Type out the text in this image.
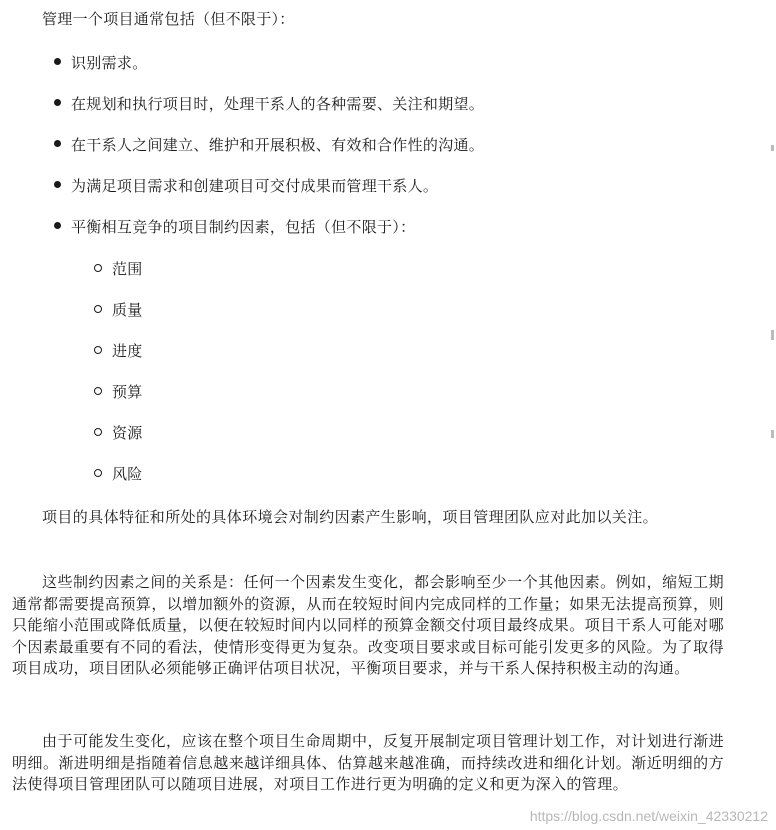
管理一个项目通常包括（但不限于）：
识别需求。
在规划和执行项目时，处理干系人的各种需要、关注和期望。
在干系人之间建立、维护和开展积极、有效和合作性的沟通。
为满足项目需求和创建项目可交付成果而管理干系人。
平衡相互竞争的项目制约因素，包括（但不限于）：
范围
质量
进度
预算
资源
风险

项目的具体特征和所处的具体环境会对制约因素产生影响，项目管理团队应对此加以关注。

这些制约因素之间的关系是：任何一个因素发生变化，都会影响至少一个其他因素。例如，缩短工期通常都需要提高预算，以增加额外的资源，从而在较短时间内完成同样的工作量；如果无法提高预算，则只能缩小范围或降低质量，以便在较短时间内以同样的预算金额交付项目最终成果。项目干系人可能对哪个因素最重要有不同的看法，使情形变得更为复杂。改变项目要求或目标可能引发更多的风险。为了取得项目成功，项目团队必须能够正确评估项目状况，平衡项目要求，并与干系人保持积极主动的沟通。

由于可能发生变化，应该在整个项目生命周期中，反复开展制定项目管理计划工作，对计划进行渐进明细。渐进明细是指随着信息越来越详细具体、估算越来越准确，而持续改进和细化计划。渐近明细的方法使得项目管理团队可以随项目进展，对项目工作进行更为明确的定义和更为深入的管理。

https://blog.csdn.net/weixin_42330212
